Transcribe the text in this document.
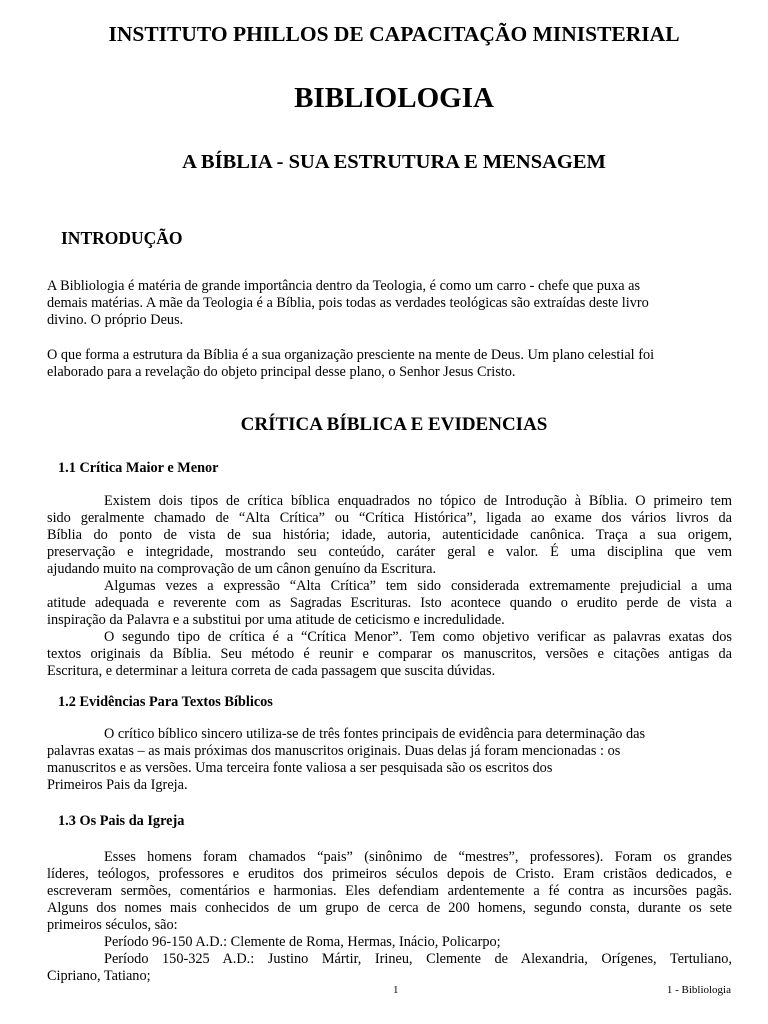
INSTITUTO PHILLOS DE CAPACITAÇÃO MINISTERIAL
BIBLIOLOGIA
A BÍBLIA - SUA ESTRUTURA E MENSAGEM
INTRODUÇÃO
A Bibliologia é matéria de grande importância dentro da Teologia, é como um carro - chefe que puxa as
demais matérias. A mãe da Teologia é a Bíblia, pois todas as verdades teológicas são extraídas deste livro
divino. O próprio Deus.
O que forma a estrutura da Bíblia é a sua organização presciente na mente de Deus. Um plano celestial foi
elaborado para a revelação do objeto principal desse plano, o Senhor Jesus Cristo.
CRÍTICA BÍBLICA E EVIDENCIAS
1.1 Crítica Maior e Menor
Existem dois tipos de crítica bíblica enquadrados no tópico de Introdução à Bíblia. O primeiro tem
sido geralmente chamado de “Alta Crítica” ou “Crítica Histórica”, ligada ao exame dos vários livros da
Bíblia do ponto de vista de sua história; idade, autoria, autenticidade canônica. Traça a sua origem,
preservação e integridade, mostrando seu conteúdo, caráter geral e valor. É uma disciplina que vem
ajudando muito na comprovação de um cânon genuíno da Escritura.
Algumas vezes a expressão “Alta Crítica” tem sido considerada extremamente prejudicial a uma
atitude adequada e reverente com as Sagradas Escrituras. Isto acontece quando o erudito perde de vista a
inspiração da Palavra e a substitui por uma atitude de ceticismo e incredulidade.
O segundo tipo de crítica é a “Crítica Menor”. Tem como objetivo verificar as palavras exatas dos
textos originais da Bíblia. Seu método é reunir e comparar os manuscritos, versões e citações antigas da
Escritura, e determinar a leitura correta de cada passagem que suscita dúvidas.
1.2 Evidências Para Textos Bíblicos
O crítico bíblico sincero utiliza-se de três fontes principais de evidência para determinação das
palavras exatas – as mais próximas dos manuscritos originais. Duas delas já foram mencionadas : os
manuscritos e as versões. Uma terceira fonte valiosa a ser pesquisada são os escritos dos
Primeiros Pais da Igreja.
1.3 Os Pais da Igreja
Esses homens foram chamados “pais” (sinônimo de “mestres”, professores). Foram os grandes
líderes, teólogos, professores e eruditos dos primeiros séculos depois de Cristo. Eram cristãos dedicados, e
escreveram sermões, comentários e harmonias. Eles defendiam ardentemente a fé contra as incursões pagãs.
Alguns dos nomes mais conhecidos de um grupo de cerca de 200 homens, segundo consta, durante os sete
primeiros séculos, são:
Período 96-150 A.D.: Clemente de Roma, Hermas, Inácio, Policarpo;
Período 150-325 A.D.: Justino Mártir, Irineu, Clemente de Alexandria, Orígenes, Tertuliano,
Cipriano, Tatiano;
1	1 - Bibliologia
